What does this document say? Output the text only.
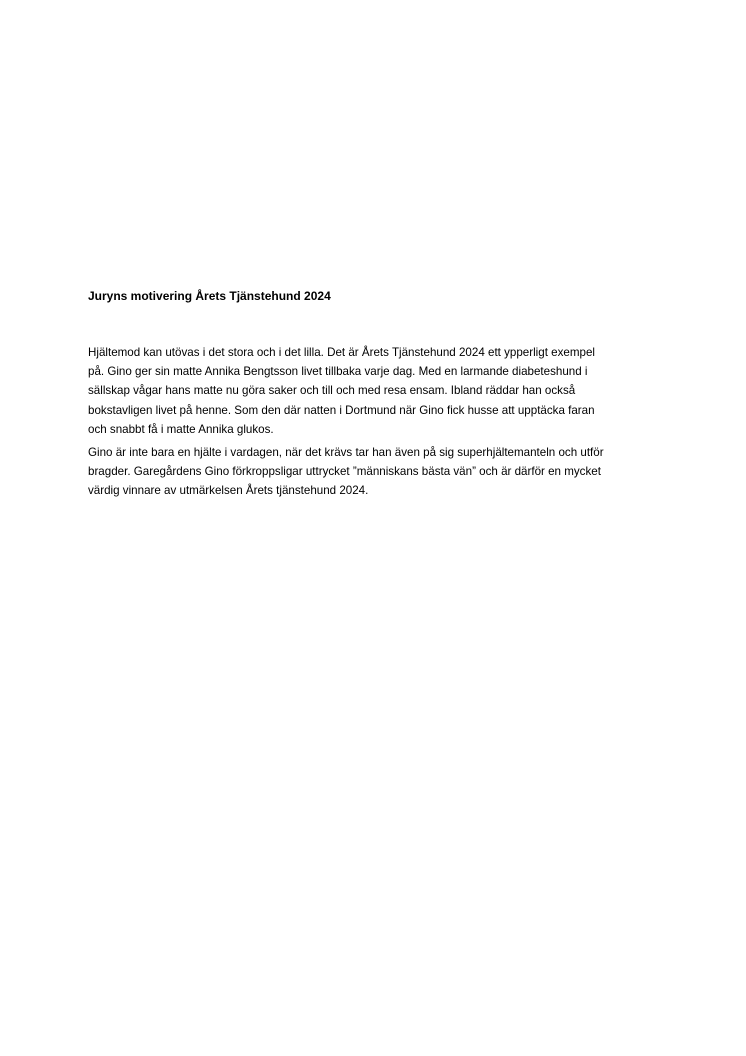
Juryns motivering Årets Tjänstehund 2024

Hjältemod kan utövas i det stora och i det lilla. Det är Årets Tjänstehund 2024 ett ypperligt exempel
på. Gino ger sin matte Annika Bengtsson livet tillbaka varje dag. Med en larmande diabeteshund i
sällskap vågar hans matte nu göra saker och till och med resa ensam. Ibland räddar han också
bokstavligen livet på henne. Som den där natten i Dortmund när Gino fick husse att upptäcka faran
och snabbt få i matte Annika glukos.

Gino är inte bara en hjälte i vardagen, när det krävs tar han även på sig superhjältemanteln och utför
bragder. Garegårdens Gino förkroppsligar uttrycket ”människans bästa vän” och är därför en mycket
värdig vinnare av utmärkelsen Årets tjänstehund 2024.
